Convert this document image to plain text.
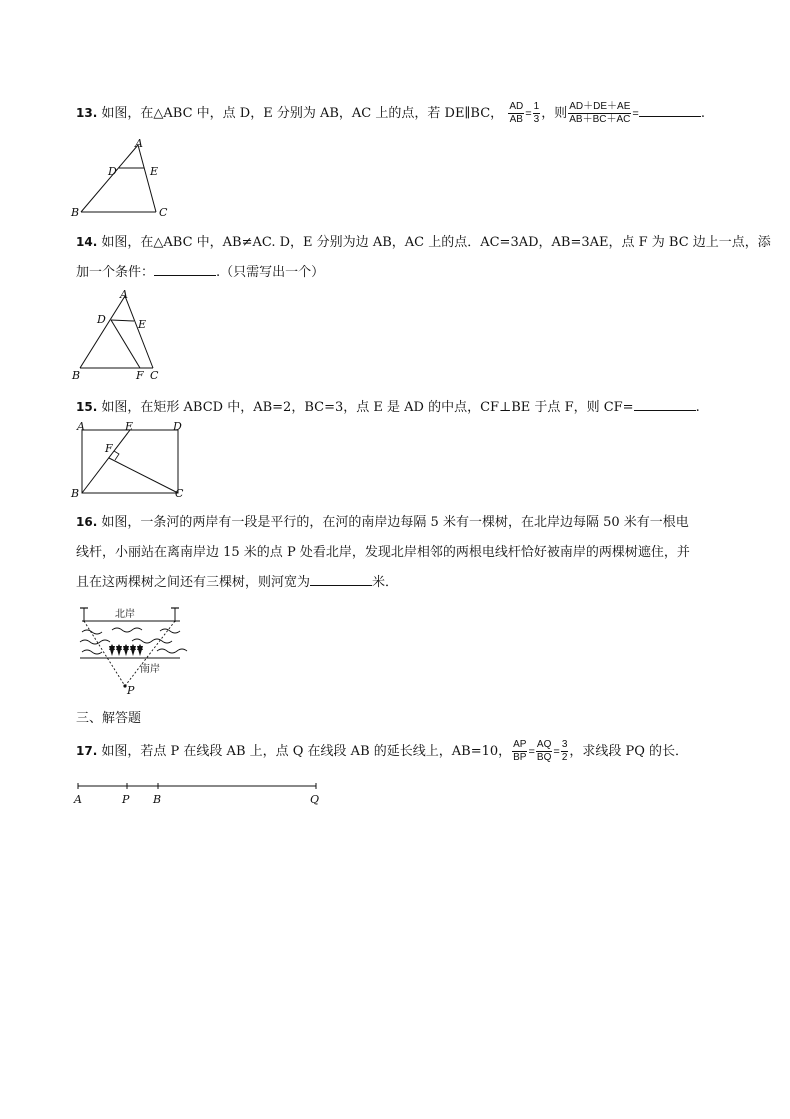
13. 如图，在△ABC 中，点 D，E 分别为 AB，AC 上的点，若 DE∥BC， $\frac{AD}{AB} = \frac{1}{3}$ ，则 $\frac{AD+DE+AE}{AB+BC+AC}$ =	.
A
D	E
B	C
14. 如图，在△ABC 中，AB≠AC. D，E 分别为边 AB，AC 上的点．AC=3AD，AB=3AE，点 F 为 BC 边上一点，添
加一个条件：	.（只需写出一个）
A
D	E
B	F C
15. 如图，在矩形 ABCD 中，AB=2，BC=3，点 E 是 AD 的中点，CF⊥BE 于点 F，则 CF=	.
A	E	D
F
B	C
16. 如图，一条河的两岸有一段是平行的，在河的南岸边每隔 5 米有一棵树，在北岸边每隔 50 米有一根电
线杆，小丽站在离南岸边 15 米的点 P 处看北岸，发现北岸相邻的两根电线杆恰好被南岸的两棵树遮住，并
且在这两棵树之间还有三棵树，则河宽为	米．
北岸
南岸
P
三、解答题
17. 如图，若点 P 在线段 AB 上，点 Q 在线段 AB 的延长线上，AB=10， $\frac{AP}{BP} = \frac{AQ}{BQ} = \frac{3}{2}$ ，求线段 PQ 的长．
A	P B	Q
